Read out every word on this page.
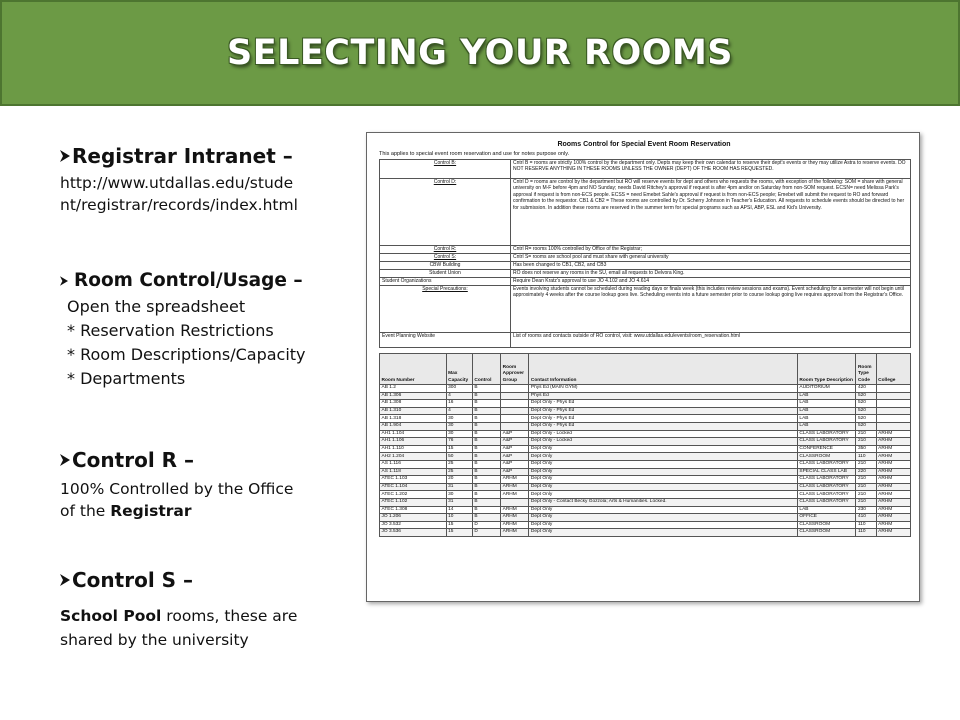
SELECTING YOUR ROOMS
Registrar Intranet –
http://www.utdallas.edu/stude
nt/registrar/records/index.html
Room Control/Usage –
Open the spreadsheet
* Reservation Restrictions
* Room Descriptions/Capacity
* Departments
Control R –
100% Controlled by the Office
of the Registrar
Control S –
School Pool rooms, these are
shared by the university
Rooms Control for Special Event Room Reservation
This applies to special event room reservation and use for notes purpose only.
Control B:	Cntrl B = rooms are strictly 100% control by the department only. Depts may keep their own calendar to reserve their dept's events or they may utilize Astra to reserve events. DO NOT RESERVE ANYTHING IN THESE ROOMS UNLESS THE OWNER (DEPT) OF THE ROOM HAS REQUESTED.
Control D:	Cntrl D = rooms are control by the department but RO will reserve events for dept and others who requests the rooms, with exception of the following: SOM = share with general university on M-F before 4pm and NO Sunday; needs David Ritchey's approval if request is after 4pm and/or on Saturday from non-SOM request. ECSN= need Melissa Park's approval if request is from non-ECS people. ECSS = need Emebet Sahle's approval if request is from non-ECS people; Emebet will submit the request to RO and forward confirmation to the requestor. CB1 & CB2 = These rooms are controlled by Dr. Scherry Johnson in Teacher's Education. All requests to schedule events should be directed to her for submission. In addition these rooms are reserved in the summer term for special programs such as APSI, ABP, ESL and Kid's University.
Control R:	Cntrl R= rooms 100% controlled by Office of the Registrar;
Control S:	Cntrl S= rooms are school pool and must share with general university
CBW Building	Has been changed to CB1, CB2, and CB3
Student Union	RO does not reserve any rooms in the SU, email all requests to Delvora King.
Student Organizations	Require Dean Kratz's approval to use JO 4.102 and JO 4.614
Special Precautions:	Events involving students cannot be scheduled during reading days or finals week (this includes review sessions and exams). Event scheduling for a semester will not begin until approximately 4 weeks after the course lookup goes live. Scheduling events into a future semester prior to course lookup going live requires approval from the Registrar's Office.
Event Planning Website	List of rooms and contacts outside of RO control, visit: www.utdallas.edu/events/room_reservation.html
Room Number	Max Capacity	Control	Room Approver Group	Contact Information	Room Type Description	Room Type Code	College
AB 1.2	300	B		Phys Ed (MAIN GYM)	AUDITORIUM	420	
AB 1.306	4	B		Phys Ed	LAB	520	
AB 1.308	16	B		Dept Only - Phys Ed	LAB	520	
AB 1.310	4	B		Dept Only - Phys Ed	LAB	520	
AB 1.318	30	B		Dept Only - Phys Ed	LAB	520	
AB 1.904	30	B		Dept Only - Phys Ed	LAB	520	
AH1 1.104	30	B	A&P	Dept Only - Locked	CLASS LABORATORY	210	ARHM
AH1 1.106	76	B	A&P	Dept Only - Locked	CLASS LABORATORY	210	ARHM
AH1 1.110	15	B	A&P	Dept Only	CONFERENCE	350	ARHM
AH2 1.204	50	B	A&P	Dept Only	CLASSROOM	110	ARHM
AS 1.116	25	B	A&P	Dept Only	CLASS LABORATORY	210	ARHM
AS 1.118	25	B	A&P	Dept Only	SPECIAL CLASS LAB	220	ARHM
ATEC 1.103	20	B	ARHM	Dept Only	CLASS LABORATORY	210	ARHM
ATEC 1.104	31	B	ARHM	Dept Only	CLASS LABORATORY	210	ARHM
ATEC 1.202	30	B	ARHM	Dept Only	CLASS LABORATORY	210	ARHM
ATEC 1.102	31	B		Dept Only - Contact Becky Gozzola; Arts & Humanities. Locked.	CLASS LABORATORY	210	ARHM
ATEC 1.308	14	B	ARHM	Dept Only	LAB	230	ARHM
JO 1.206	10	B	ARHM	Dept Only	OFFICE	410	ARHM
JO 3.532	15	D	ARHM	Dept Only	CLASSROOM	110	ARHM
JO 3.536	15	D	ARHM	Dept Only	CLASSROOM	110	ARHM
